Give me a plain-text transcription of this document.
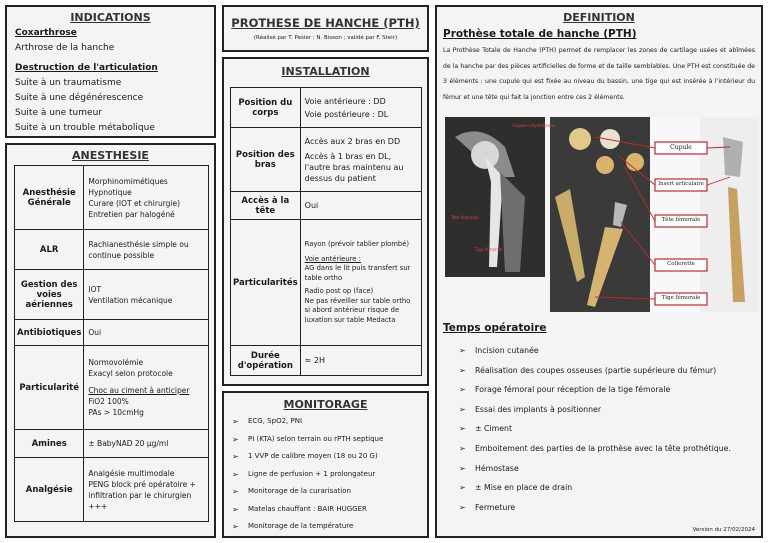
INDICATIONS
Coxarthrose
Arthrose de la hanche
Destruction de l'articulation
Suite à un traumatisme
Suite à une dégénérescence
Suite à une tumeur
Suite à un trouble métabolique
ANESTHESIE
Anesthésie Générale	Morphinomimétiques
Hypnotique
Curare (IOT et chirurgie)
Entretien par halogéné

ALR	Rachianesthésie simple ou continue possible
Gestion des voies aériennes	IOT
Ventilation mécanique

Antibiotiques	Oui
Particularité	Normovolémie
Exacyl selon protocole
Choc au ciment à anticiper
FiO2 100%
PAs > 10cmHg

Amines	± BabyNAD 20 µg/ml
Analgésie	Analgésie multimodale
PENG block pré opératoire + infiltration par le chirurgien +++
PROTHESE DE HANCHE (PTH)
(Réalisé par T. Pesier ; N. Bisson ; validé par F. Steir)
INSTALLATION
Position du corps	Voie antérieure : DD
Voie postérieure : DL

Position des bras	Accès aux 2 bras en DD
Accès à 1 bras en DL, l'autre bras maintenu au dessus du patient

Accès à la tête	Oui
Particularités	Rayon (prévoir tablier plombé)
Voie antérieure :
AG dans le lit puis transfert sur table ortho
Radio post op (face)
Ne pas réveiller sur table ortho si abord antérieur risque de luxation sur table Medacta

Durée d'opération	≈ 2H
MONITORAGE
➢ ECG, SpO2, PNI
➢ PI (KTA) selon terrain ou rPTH septique
➢ 1 VVP de calibre moyen (18 ou 20 G)
➢ Ligne de perfusion + 1 prolongateur
➢ Monitorage de la curarisation
➢ Matelas chauffant : BAIR HUGGER
➢ Monitorage de la température
DEFINITION
Prothèse totale de hanche (PTH)
La Prothèse Totale de Hanche (PTH) permet de remplacer les zones de cartilage usées et abîmées de la hanche par des pièces artificielles de forme et de taille semblables. Une PTH est constituée de 3 éléments : une cupule qui est fixée au niveau du bassin, une tige qui est insérée à l'intérieur du fémur et une tête qui fait la jonction entre ces 2 éléments.
Cupule cotyloïdienne
Tête fémorale
Tige fémorale
Cupule
Insert articulaire
Tête fémorale
Collerette
Tige fémorale
Temps opératoire
➢ Incision cutanée
➢ Réalisation des coupes osseuses (partie supérieure du fémur)
➢ Forage fémoral pour réception de la tige fémorale
➢ Essai des implants à positionner
➢ ± Ciment
➢ Emboitement des parties de la prothèse avec la tête prothétique.
➢ Hémostase
➢ ± Mise en place de drain
➢ Fermeture
Version du 27/02/2024
